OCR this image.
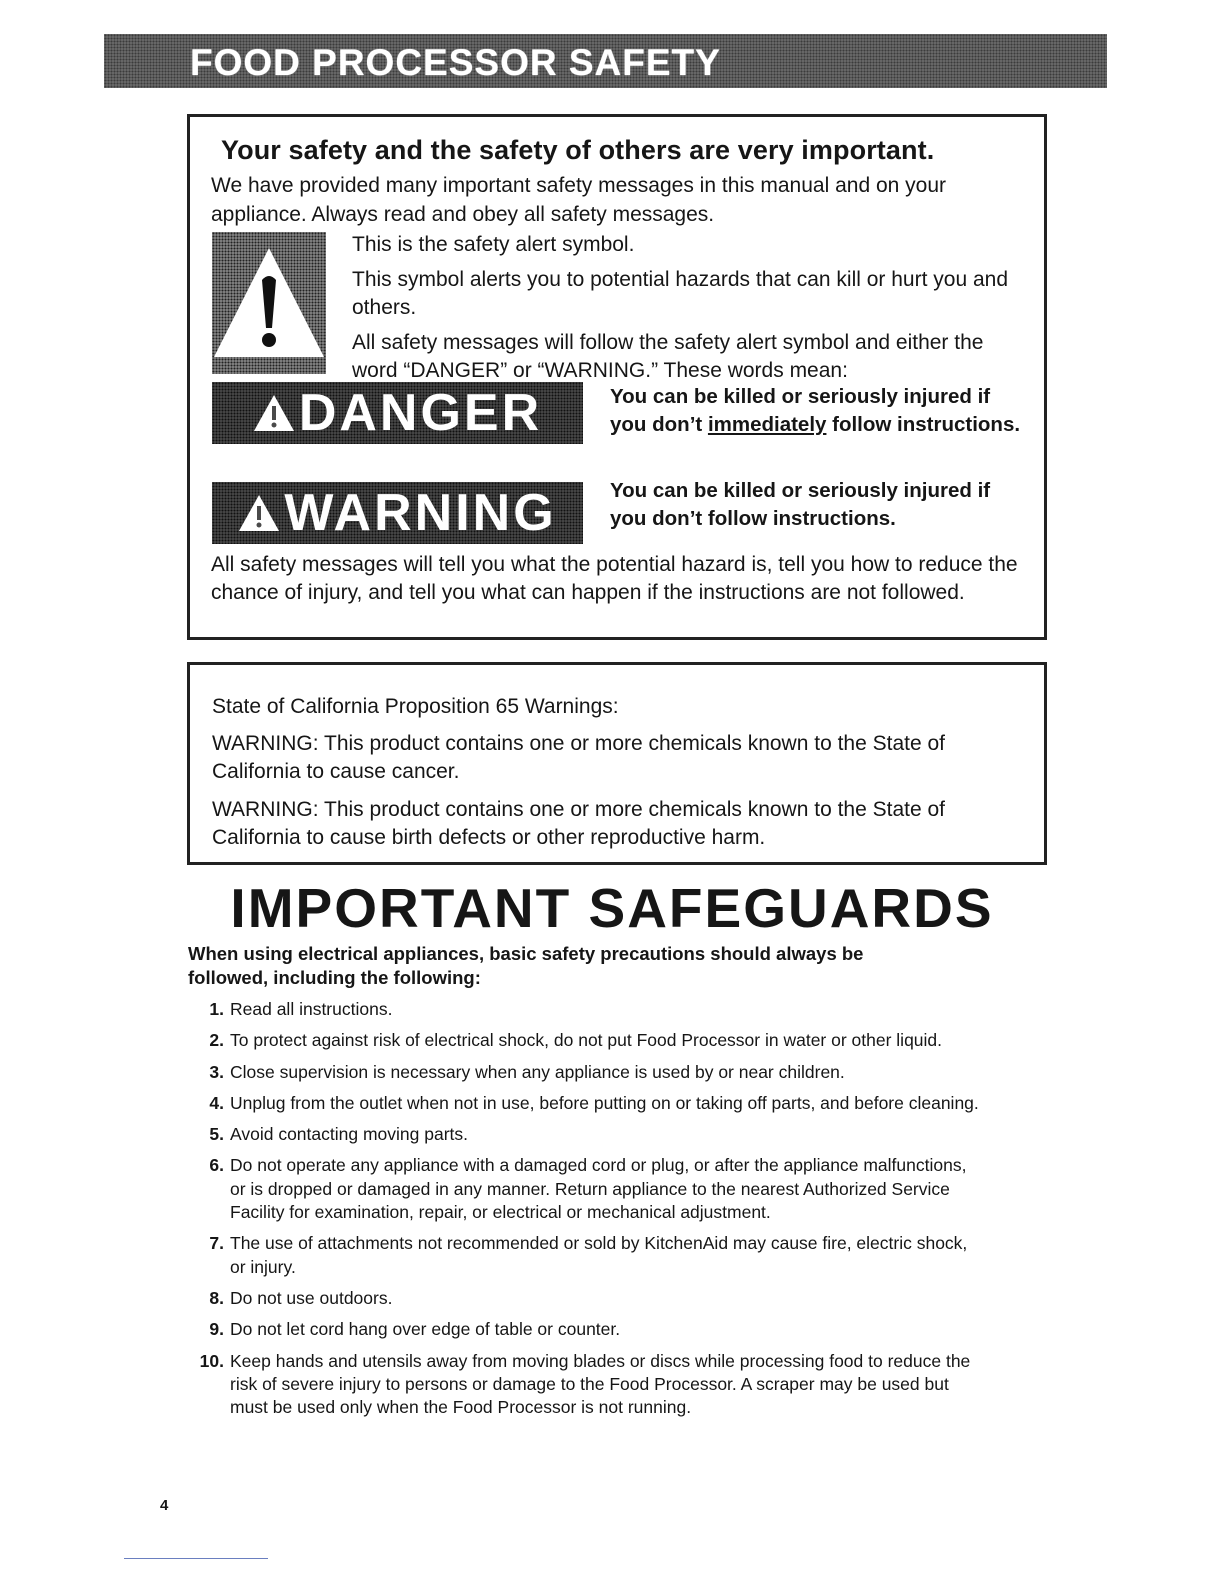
FOOD PROCESSOR SAFETY
Your safety and the safety of others are very important.
We have provided many important safety messages in this manual and on your appliance. Always read and obey all safety messages.

This is the safety alert symbol.

This symbol alerts you to potential hazards that can kill or hurt you and others.

All safety messages will follow the safety alert symbol and either the word “DANGER” or “WARNING.” These words mean:

DANGER	You can be killed or seriously injured if you don’t immediately follow instructions.
WARNING	You can be killed or seriously injured if you don’t follow instructions.
All safety messages will tell you what the potential hazard is, tell you how to reduce the chance of injury, and tell you what can happen if the instructions are not followed.

State of California Proposition 65 Warnings:

WARNING: This product contains one or more chemicals known to the State of California to cause cancer.

WARNING: This product contains one or more chemicals known to the State of California to cause birth defects or other reproductive harm.

IMPORTANT SAFEGUARDS
When using electrical appliances, basic safety precautions should always be followed, including the following:
1. Read all instructions.
2. To protect against risk of electrical shock, do not put Food Processor in water or other liquid.
3. Close supervision is necessary when any appliance is used by or near children.
4. Unplug from the outlet when not in use, before putting on or taking off parts, and before cleaning.
5. Avoid contacting moving parts.
6. Do not operate any appliance with a damaged cord or plug, or after the appliance malfunctions, or is dropped or damaged in any manner. Return appliance to the nearest Authorized Service Facility for examination, repair, or electrical or mechanical adjustment.
7. The use of attachments not recommended or sold by KitchenAid may cause fire, electric shock, or injury.
8. Do not use outdoors.
9. Do not let cord hang over edge of table or counter.
10. Keep hands and utensils away from moving blades or discs while processing food to reduce the risk of severe injury to persons or damage to the Food Processor. A scraper may be used but must be used only when the Food Processor is not running.
4
